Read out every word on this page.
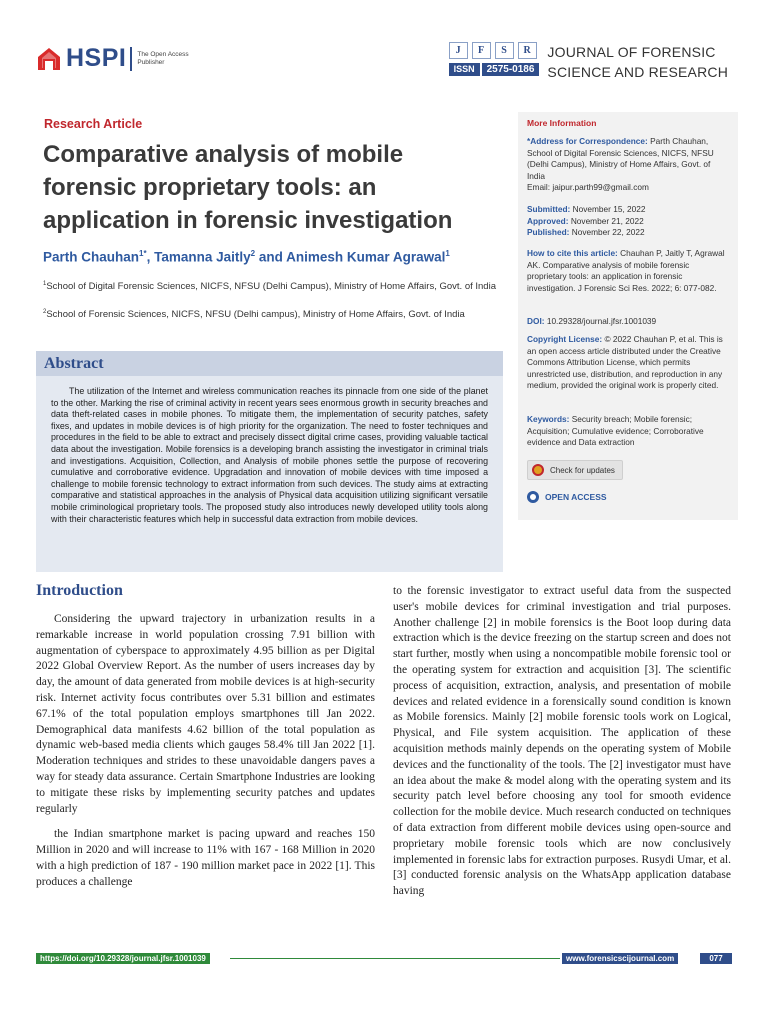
HSPI The Open Access Publisher
J	F	S	R
ISSN	2575-0186
JOURNAL OF FORENSIC
SCIENCE AND RESEARCH
Research Article
Comparative analysis of mobile forensic proprietary tools: an application in forensic investigation
Parth Chauhan$^{1*}$, Tamanna Jaitly$^2$ and Animesh Kumar Agrawal$^1$
$^1$School of Digital Forensic Sciences, NICFS, NFSU (Delhi Campus), Ministry of Home Affairs, Govt. of India
$^2$School of Forensic Sciences, NICFS, NFSU (Delhi campus), Ministry of Home Affairs, Govt. of India
Abstract
The utilization of the Internet and wireless communication reaches its pinnacle from one side of the planet to the other. Marking the rise of criminal activity in recent years sees enormous growth in security breaches and data theft-related cases in mobile phones. To mitigate them, the implementation of security patches, safety fixes, and updates in mobile devices is of high priority for the organization. The need to foster techniques and procedures in the field to be able to extract and precisely dissect digital crime cases, providing valuable tactical data about the investigation. Mobile forensics is a developing branch assisting the investigator in criminal trials and investigations. Acquisition, Collection, and Analysis of mobile phones settle the purpose of recovering cumulative and corroborative evidence. Upgradation and innovation of mobile devices with time imposed a challenge to mobile forensic technology to extract information from such devices. The study aims at extracting comparative and statistical approaches in the analysis of Physical data acquisition utilizing significant versatile mobile criminological proprietary tools. The proposed study also introduces newly developed utility tools along with their characteristic features which help in successful data extraction from mobile devices.
More Information
*Address for Correspondence: Parth Chauhan, School of Digital Forensic Sciences, NICFS, NFSU (Delhi Campus), Ministry of Home Affairs, Govt. of India
Email: jaipur.parth99@gmail.com
Submitted: November 15, 2022
Approved: November 21, 2022
Published: November 22, 2022
How to cite this article: Chauhan P, Jaitly T, Agrawal AK. Comparative analysis of mobile forensic proprietary tools: an application in forensic investigation. J Forensic Sci Res. 2022; 6: 077-082.
DOI: 10.29328/journal.jfsr.1001039
Copyright License: © 2022 Chauhan P, et al. This is an open access article distributed under the Creative Commons Attribution License, which permits unrestricted use, distribution, and reproduction in any medium, provided the original work is properly cited.
Keywords: Security breach; Mobile forensic; Acquisition; Cumulative evidence; Corroborative evidence and Data extraction
Check for updates
OPEN ACCESS
Introduction

Considering the upward trajectory in urbanization results in a remarkable increase in world population crossing 7.91 billion with augmentation of cyberspace to approximately 4.95 billion as per Digital 2022 Global Overview Report. As the number of users increases day by day, the amount of data generated from mobile devices is at high-security risk. Internet activity focus contributes over 5.31 billion and estimates 67.1% of the total population employs smartphones till Jan 2022. Demographical data manifests 4.62 billion of the total population as dynamic web-based media clients which gauges 58.4% till Jan 2022 [1]. Moderation techniques and strides to these unavoidable dangers paves a way for steady data assurance. Certain Smartphone Industries are looking to mitigate these risks by implementing security patches and updates regularly

the Indian smartphone market is pacing upward and reaches 150 Million in 2020 and will increase to 11% with 167 - 168 Million in 2020 with a high prediction of 187 - 190 million market pace in 2022 [1]. This produces a challenge

to the forensic investigator to extract useful data from the suspected user's mobile devices for criminal investigation and trial purposes. Another challenge [2] in mobile forensics is the Boot loop during data extraction which is the device freezing on the startup screen and does not start further, mostly when using a noncompatible mobile forensic tool or the operating system for extraction and acquisition [3]. The scientific process of acquisition, extraction, analysis, and presentation of mobile devices and related evidence in a forensically sound condition is known as Mobile forensics. Mainly [2] mobile forensic tools work on Logical, Physical, and File system acquisition. The application of these acquisition methods mainly depends on the operating system of Mobile devices and the functionality of the tools. The [2] investigator must have an idea about the make & model along with the operating system and its security patch level before choosing any tool for smooth evidence collection for the mobile device. Much research conducted on techniques of data extraction from different mobile devices using open-source and proprietary mobile forensic tools which are now conclusively implemented in forensic labs for extraction purposes. Rusydi Umar, et al. [3] conducted forensic analysis on the WhatsApp application database having

https://doi.org/10.29328/journal.jfsr.1001039	www.forensicscijournal.com	077
